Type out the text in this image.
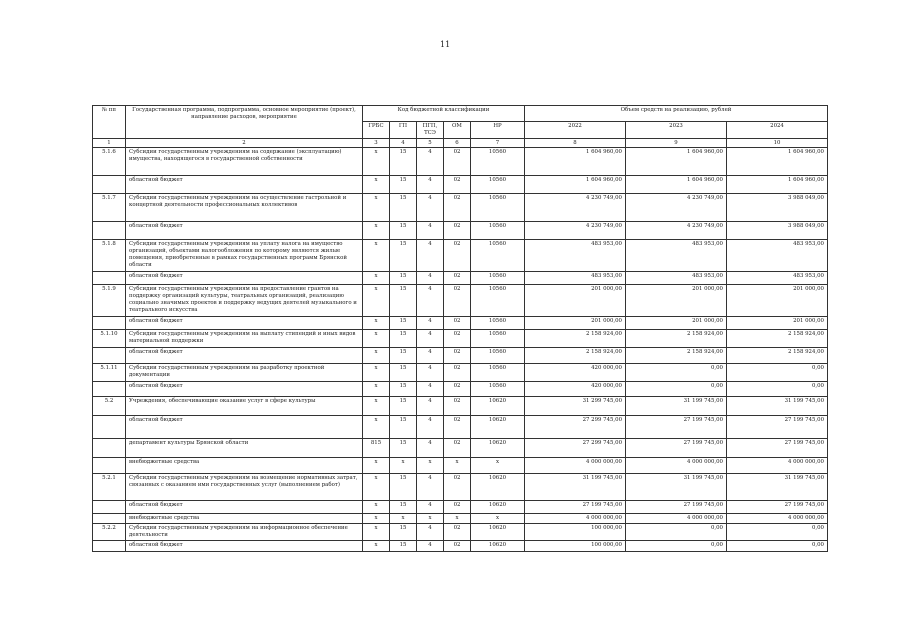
11
№ пп	Государственная программа, подпрограмма, основное мероприятие (проект), направление расходов, мероприятие	Код бюджетной классификации					Объем средств на реализацию, рублей		
		ГРБС	ГП	ПГП, ТСЭ	ОМ	НР	2022	2023	2024
1	2	3	4	5	6	7	8	9	10
5.1.6	Субсидии государственным учреждениям на содержание (эксплуатацию) имущества, находящегося в государственной собственности	х	15	4	02	10560	1 604 960,00	1 604 960,00	1 604 960,00
	областной бюджет	х	15	4	02	10560	1 604 960,00	1 604 960,00	1 604 960,00
5.1.7	Субсидии государственным учреждениям на осуществление гастрольной и концертной деятельности профессиональных коллективов	х	15	4	02	10560	4 230 749,00	4 230 749,00	3 988 049,00
	областной бюджет	х	15	4	02	10560	4 230 749,00	4 230 749,00	3 988 049,00
5.1.8	Субсидии государственным учреждениям на уплату налога на имущество организаций, объектами налогообложения по которому являются жилые помещения, приобретенные в рамках государственных программ Брянской области	х	15	4	02	10560	483 953,00	483 953,00	483 953,00
	областной бюджет	х	15	4	02	10560	483 953,00	483 953,00	483 953,00
5.1.9	Субсидии государственным учреждениям на предоставление грантов на поддержку организаций культуры, театральных организаций, реализацию социально значимых проектов и поддержку ведущих деятелей музыкального и театрального искусства	х	15	4	02	10560	201 000,00	201 000,00	201 000,00
	областной бюджет	х	15	4	02	10560	201 000,00	201 000,00	201 000,00
5.1.10	Субсидии государственным учреждениям на выплату стипендий и иных видов материальной поддержки	х	15	4	02	10560	2 158 924,00	2 158 924,00	2 158 924,00
	областной бюджет	х	15	4	02	10560	2 158 924,00	2 158 924,00	2 158 924,00
5.1.11	Субсидии государственным учреждениям на разработку проектной документации	х	15	4	02	10560	420 000,00	0,00	0,00
	областной бюджет	х	15	4	02	10560	420 000,00	0,00	0,00
5.2	Учреждения, обеспечивающие оказание услуг в сфере культуры	х	15	4	02	10620	31 299 745,00	31 199 745,00	31 199 745,00
	областной бюджет	х	15	4	02	10620	27 299 745,00	27 199 745,00	27 199 745,00
	департамент культуры Брянской области	815	15	4	02	10620	27 299 745,00	27 199 745,00	27 199 745,00
	внебюджетные средства	х	х	х	х	х	4 000 000,00	4 000 000,00	4 000 000,00
5.2.1	Субсидии государственным учреждениям на возмещение нормативных затрат, связанных с оказанием ими государственных услуг (выполнением работ)	х	15	4	02	10620	31 199 745,00	31 199 745,00	31 199 745,00
	областной бюджет	х	15	4	02	10620	27 199 745,00	27 199 745,00	27 199 745,00
	внебюджетные средства	х	х	х	х	х	4 000 000,00	4 000 000,00	4 000 000,00
5.2.2	Субсидии государственным учреждениям на информационное обеспечение деятельности	х	15	4	02	10620	100 000,00	0,00	0,00
	областной бюджет	х	15	4	02	10620	100 000,00	0,00	0,00
